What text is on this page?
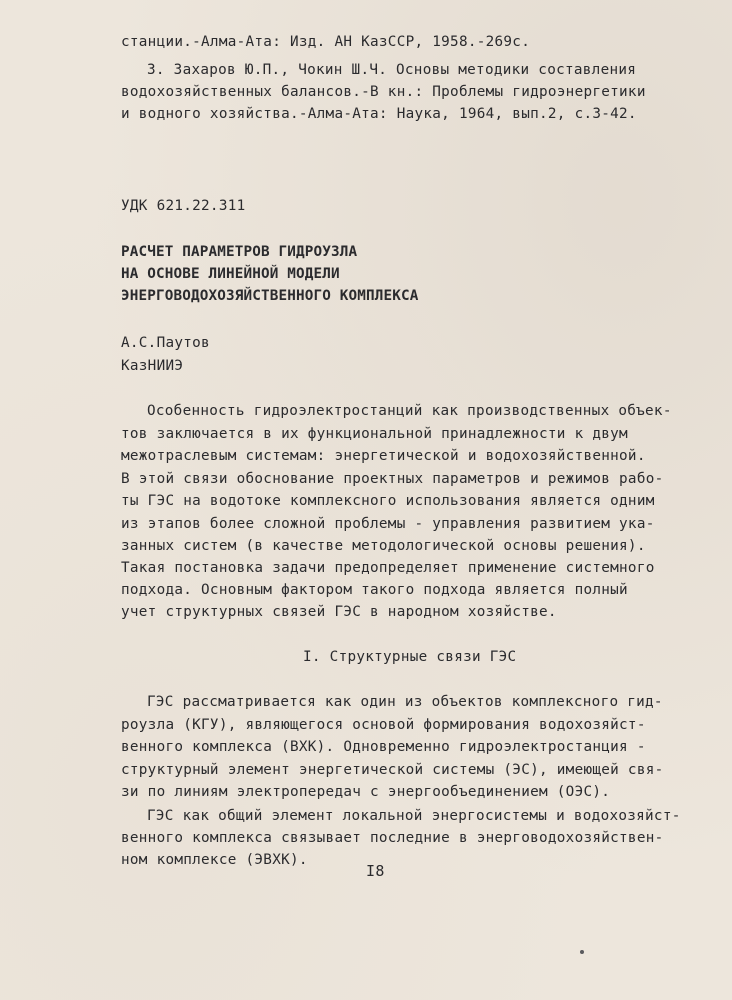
станции.-Алма-Ата: Изд. АН КазССР, 1958.-269с.
3. Захаров Ю.П., Чокин Ш.Ч. Основы методики составления
водохозяйственных балансов.-В кн.: Проблемы гидроэнергетики
и водного хозяйства.-Алма-Ата: Наука, 1964, вып.2, с.3-42.
УДК 621.22.311
РАСЧЕТ ПАРАМЕТРОВ ГИДРОУЗЛА
НА ОСНОВЕ ЛИНЕЙНОЙ МОДЕЛИ
ЭНЕРГОВОДОХОЗЯЙСТВЕННОГО КОМПЛЕКСА
А.С.Паутов
КазНИИЭ
Особенность гидроэлектростанций как производственных объек-
тов заключается в их функциональной принадлежности к двум
межотраслевым системам: энергетической и водохозяйственной.
В этой связи обоснование проектных параметров и режимов рабо-
ты ГЭС на водотоке комплексного использования является одним
из этапов более сложной проблемы - управления развитием ука-
занных систем (в качестве методологической основы решения).
Такая постановка задачи предопределяет применение системного
подхода. Основным фактором такого подхода является полный
учет структурных связей ГЭС в народном хозяйстве.
I. Структурные связи ГЭС
ГЭС рассматривается как один из объектов комплексного гид-
роузла (КГУ), являющегося основой формирования водохозяйст-
венного комплекса (ВХК). Одновременно гидроэлектростанция -
структурный элемент энергетической системы (ЭС), имеющей свя-
зи по линиям электропередач с энергообъединением (ОЭС).
ГЭС как общий элемент локальной энергосистемы и водохозяйст-
венного комплекса связывает последние в энерговодохозяйствен-
ном комплексе (ЭВХК).
I8
